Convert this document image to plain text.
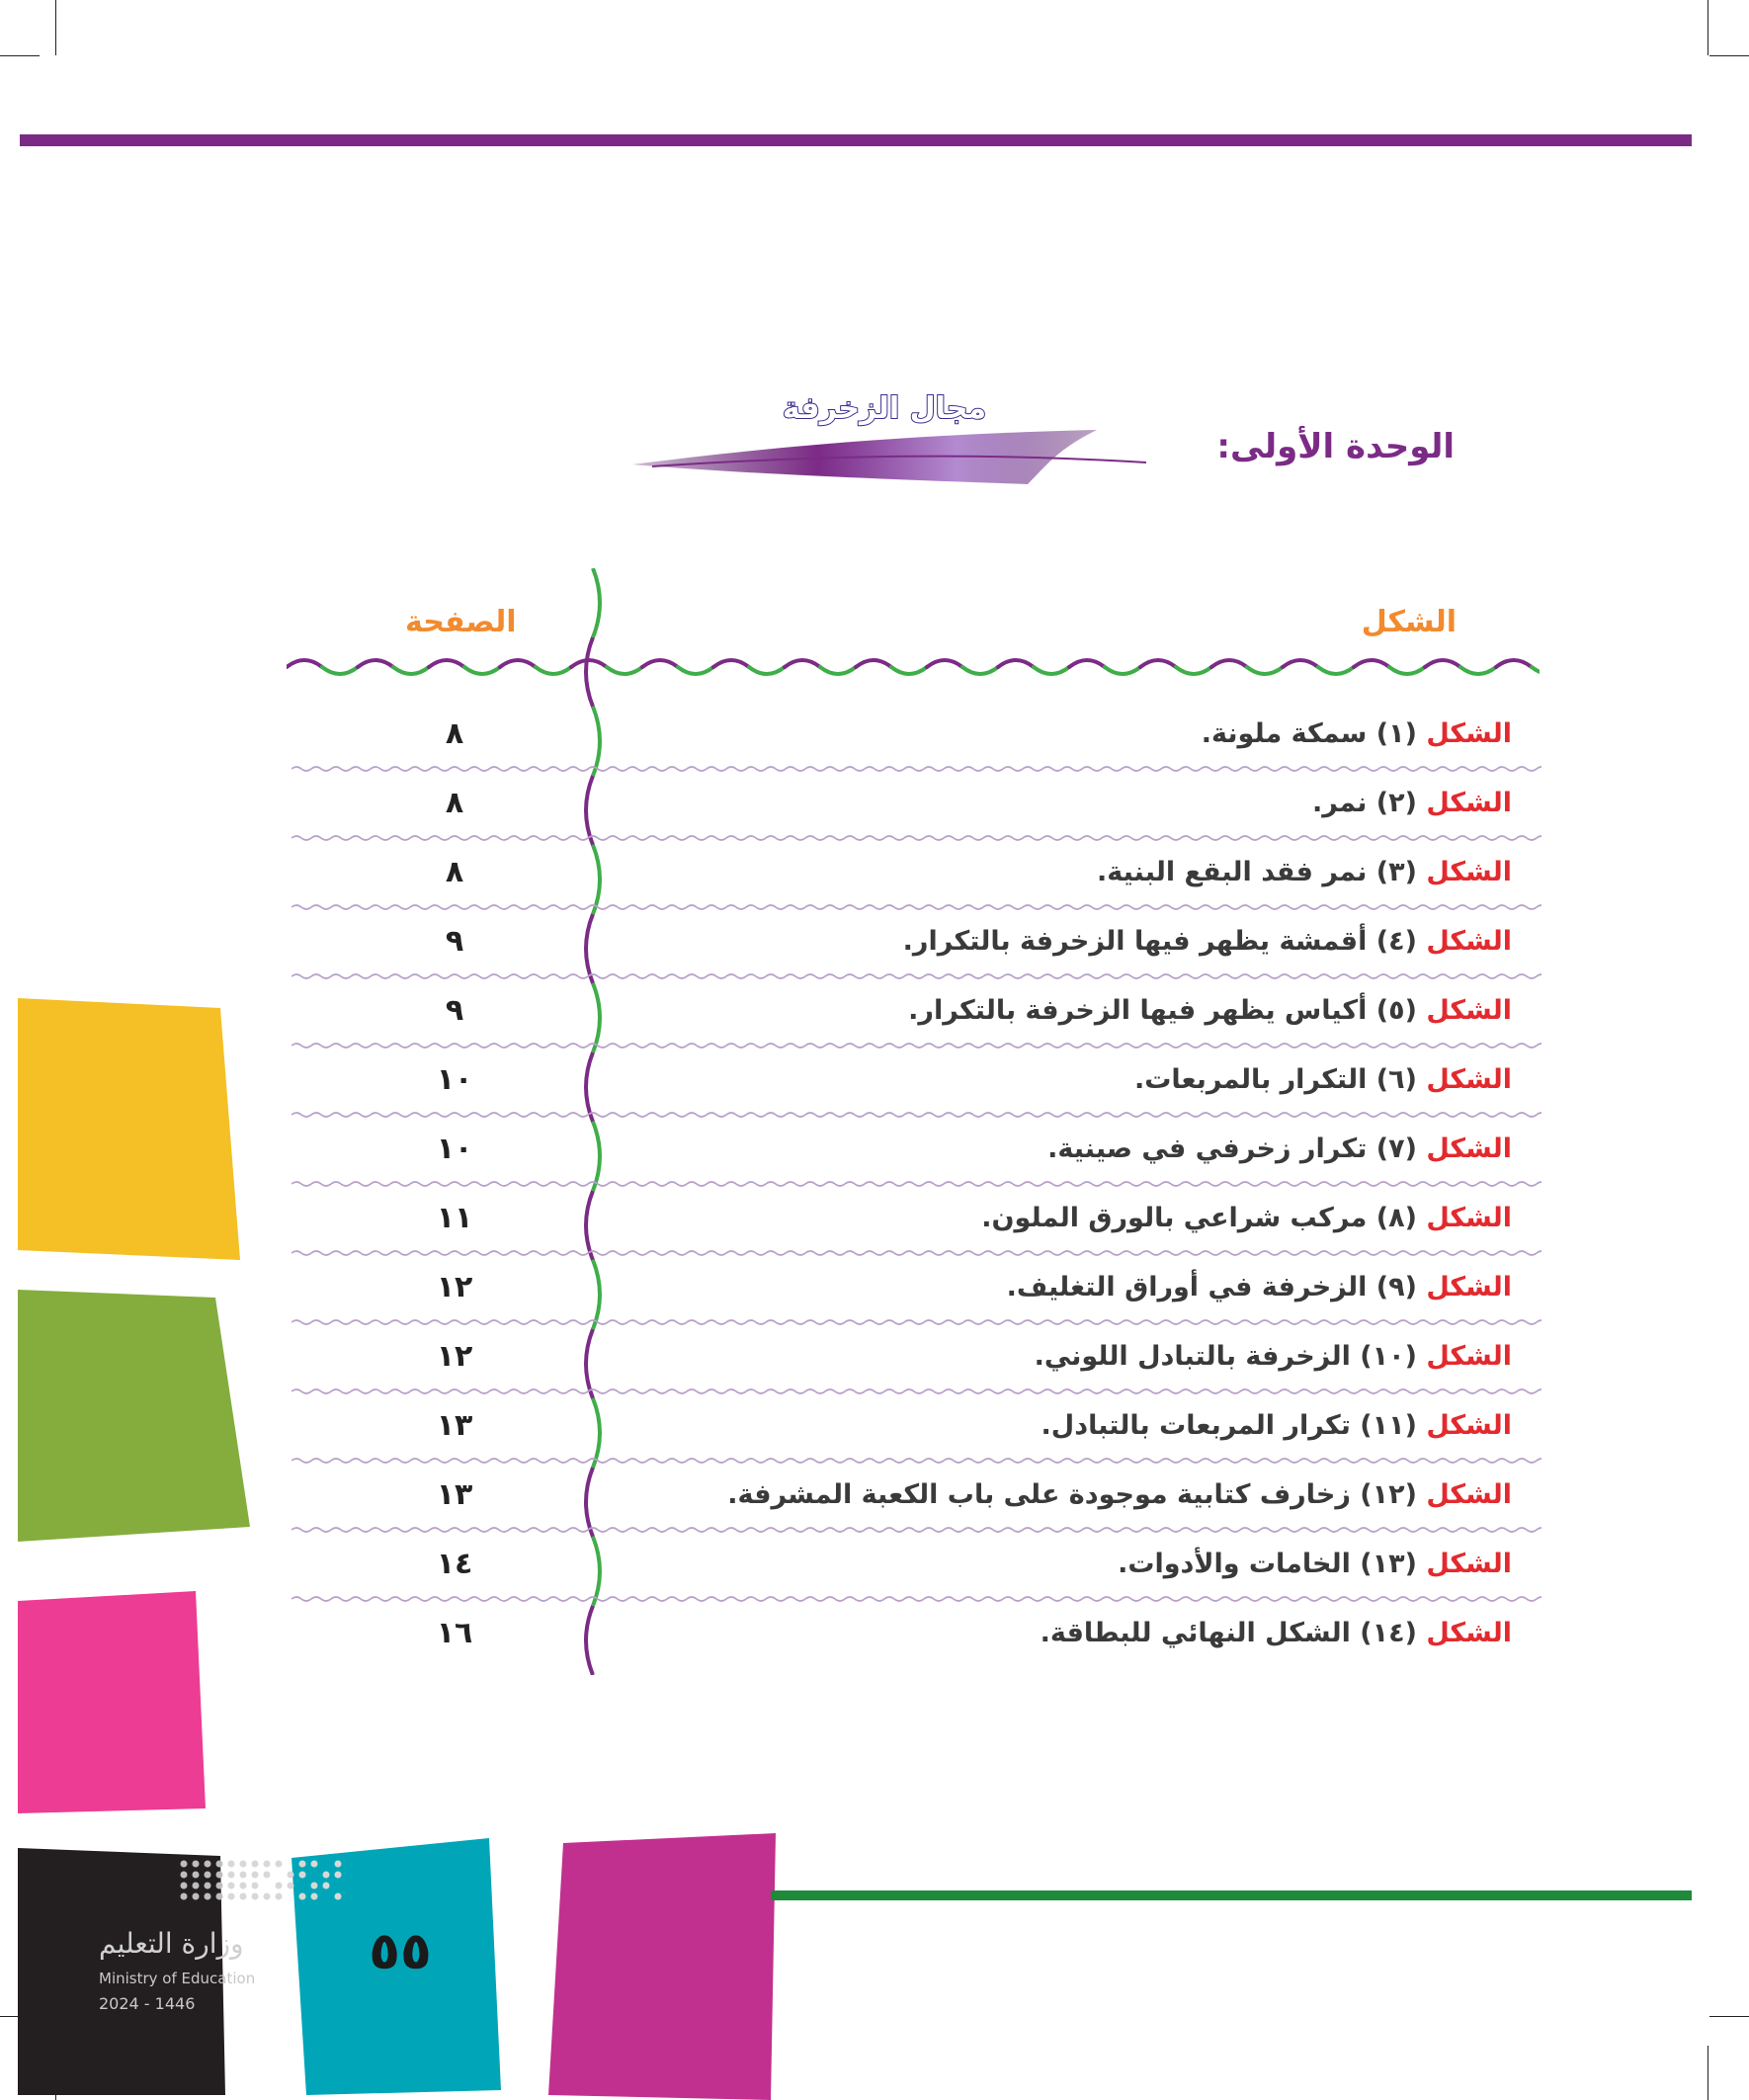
مجال الزخرفة
الوحدة الأولى:
الشكل
الصفحة
الشكل (١) سمكة ملونة.
٨
الشكل (٢) نمر.
٨
الشكل (٣) نمر فقد البقع البنية.
٨
الشكل (٤) أقمشة يظهر فيها الزخرفة بالتكرار.
٩
الشكل (٥) أكياس يظهر فيها الزخرفة بالتكرار.
٩
الشكل (٦) التكرار بالمربعات.
١٠
الشكل (٧) تكرار زخرفي في صينية.
١٠
الشكل (٨) مركب شراعي بالورق الملون.
١١
الشكل (٩) الزخرفة في أوراق التغليف.
١٢
الشكل (١٠) الزخرفة بالتبادل اللوني.
١٢
الشكل (١١) تكرار المربعات بالتبادل.
١٣
الشكل (١٢) زخارف كتابية موجودة على باب الكعبة المشرفة.
١٣
الشكل (١٣) الخامات والأدوات.
١٤
الشكل (١٤) الشكل النهائي للبطاقة.
١٦
وزارة التعليم
Ministry of Education
2024 - 1446
٥٥
